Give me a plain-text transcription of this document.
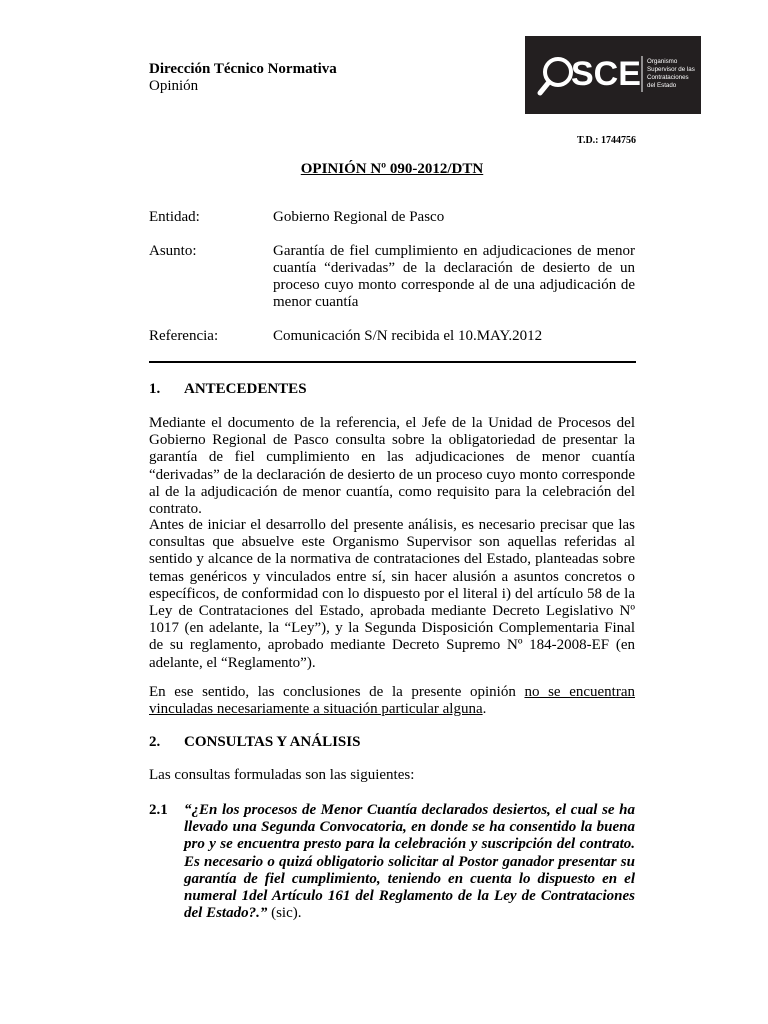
Dirección Técnico Normativa
Opinión	SCE Organismo
Supervisor de las
Contrataciones
del Estado
T.D.: 1744756
OPINIÓN Nº 090-2012/DTN
Entidad:	Gobierno Regional de Pasco
Asunto:	Garantía de fiel cumplimiento en adjudicaciones de menor cuantía “derivadas” de la declaración de desierto de un proceso cuyo monto corresponde al de una adjudicación de menor cuantía
Referencia:	Comunicación S/N recibida el 10.MAY.2012
1. ANTECEDENTES
Mediante el documento de la referencia, el Jefe de la Unidad de Procesos del Gobierno Regional de Pasco consulta sobre la obligatoriedad de presentar la garantía de fiel cumplimiento en las adjudicaciones de menor cuantía “derivadas” de la declaración de desierto de un proceso cuyo monto corresponde al de la adjudicación de menor cuantía, como requisito para la celebración del contrato.
Antes de iniciar el desarrollo del presente análisis, es necesario precisar que las consultas que absuelve este Organismo Supervisor son aquellas referidas al sentido y alcance de la normativa de contrataciones del Estado, planteadas sobre temas genéricos y vinculados entre sí, sin hacer alusión a asuntos concretos o específicos, de conformidad con lo dispuesto por el literal i) del artículo 58 de la Ley de Contrataciones del Estado, aprobada mediante Decreto Legislativo Nº 1017 (en adelante, la “Ley”), y la Segunda Disposición Complementaria Final de su reglamento, aprobado mediante Decreto Supremo Nº 184-2008-EF (en adelante, el “Reglamento”).
En ese sentido, las conclusiones de la presente opinión no se encuentran vinculadas necesariamente a situación particular alguna.
2. CONSULTAS Y ANÁLISIS
Las consultas formuladas son las siguientes:
2.1 “¿En los procesos de Menor Cuantía declarados desiertos, el cual se ha llevado una Segunda Convocatoria, en donde se ha consentido la buena pro y se encuentra presto para la celebración y suscripción del contrato. Es necesario o quizá obligatorio solicitar al Postor ganador presentar su garantía de fiel cumplimiento, teniendo en cuenta lo dispuesto en el numeral 1del Artículo 161 del Reglamento de la Ley de Contrataciones del Estado?.” (sic).
